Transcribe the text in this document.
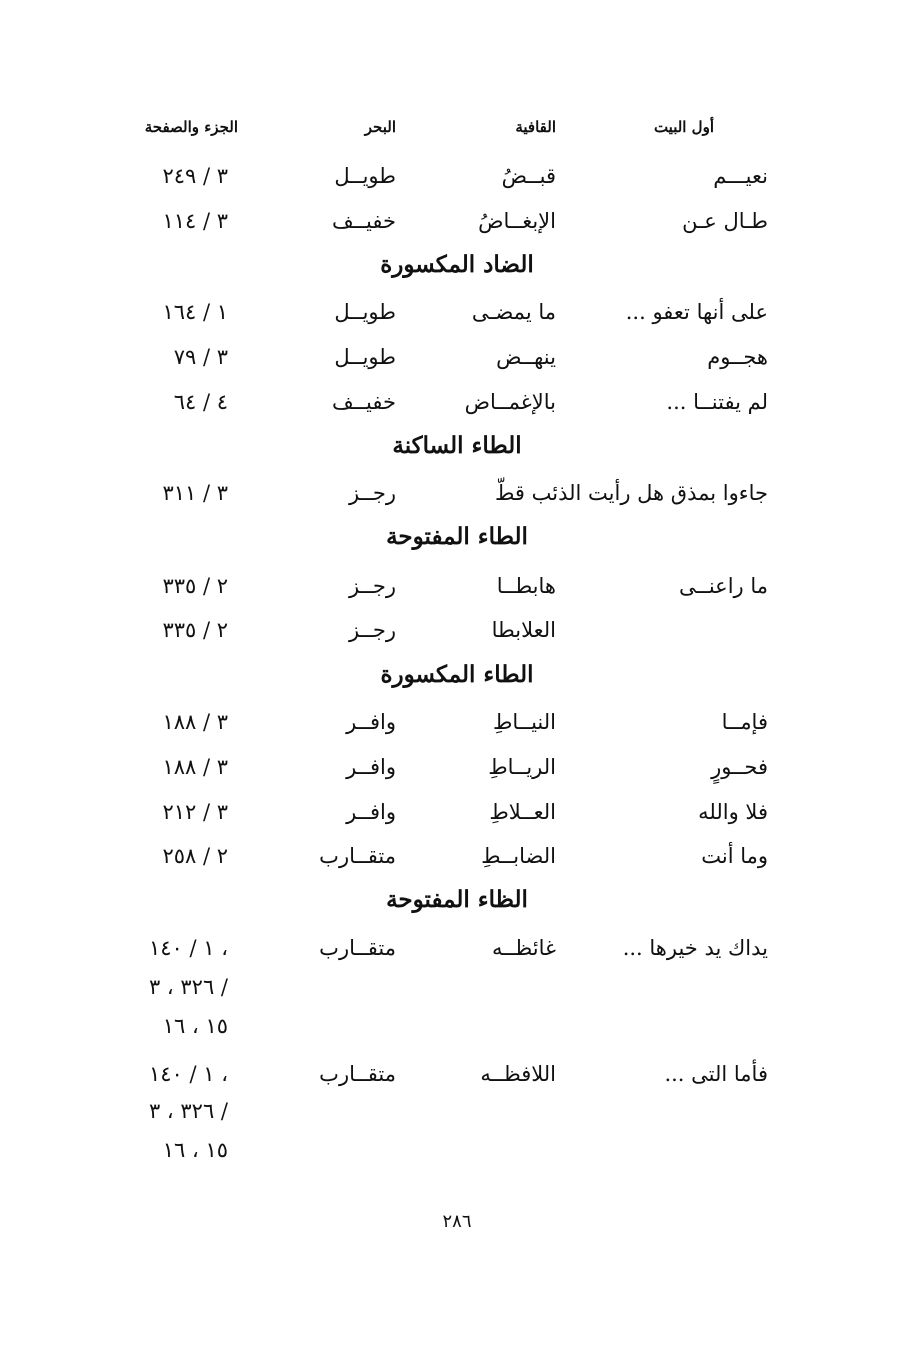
أول البيت
القافية
البحر
الجزء والصفحة
نعيـــم
قبــضُ
طويــل
٣ / ٢٤٩
طـال عـن
الإبغــاضُ
خفيــف
٣ / ١١٤
الضاد المكسورة
على أنها تعفو ...
ما يمضـى
طويــل
١ / ١٦٤
هجــوم
ينهــض
طويــل
٣ / ٧٩
لم يفتنــا ...
بالإغمــاض
خفيــف
٤ / ٦٤
الطاء الساكنة
جاءوا بمذق هل رأيت الذئب قطّ
رجــز
٣ / ٣١١
الطاء المفتوحة
ما راعنــى
هابطــا
رجــز
٢ / ٣٣٥
العلابطا
رجــز
٢ / ٣٣٥
الطاء المكسورة
فإمــا
النيــاطِ
وافــر
٣ / ١٨٨
فحــورٍ
الريــاطِ
وافــر
٣ / ١٨٨
فلا والله
العــلاطِ
وافــر
٣ / ٢١٢
وما أنت
الضابــطِ
متقــارب
٢ / ٢٥٨
الظاء المفتوحة
يداك يد خيرها ...
غائظــه
متقــارب
١ / ١٤٠ ،
٣٢٦ ، ٣ /
١٥ ، ١٦
فأما التى ...
اللافظــه
متقــارب
١ / ١٤٠ ،
٣٢٦ ، ٣ /
١٥ ، ١٦
٢٨٦
